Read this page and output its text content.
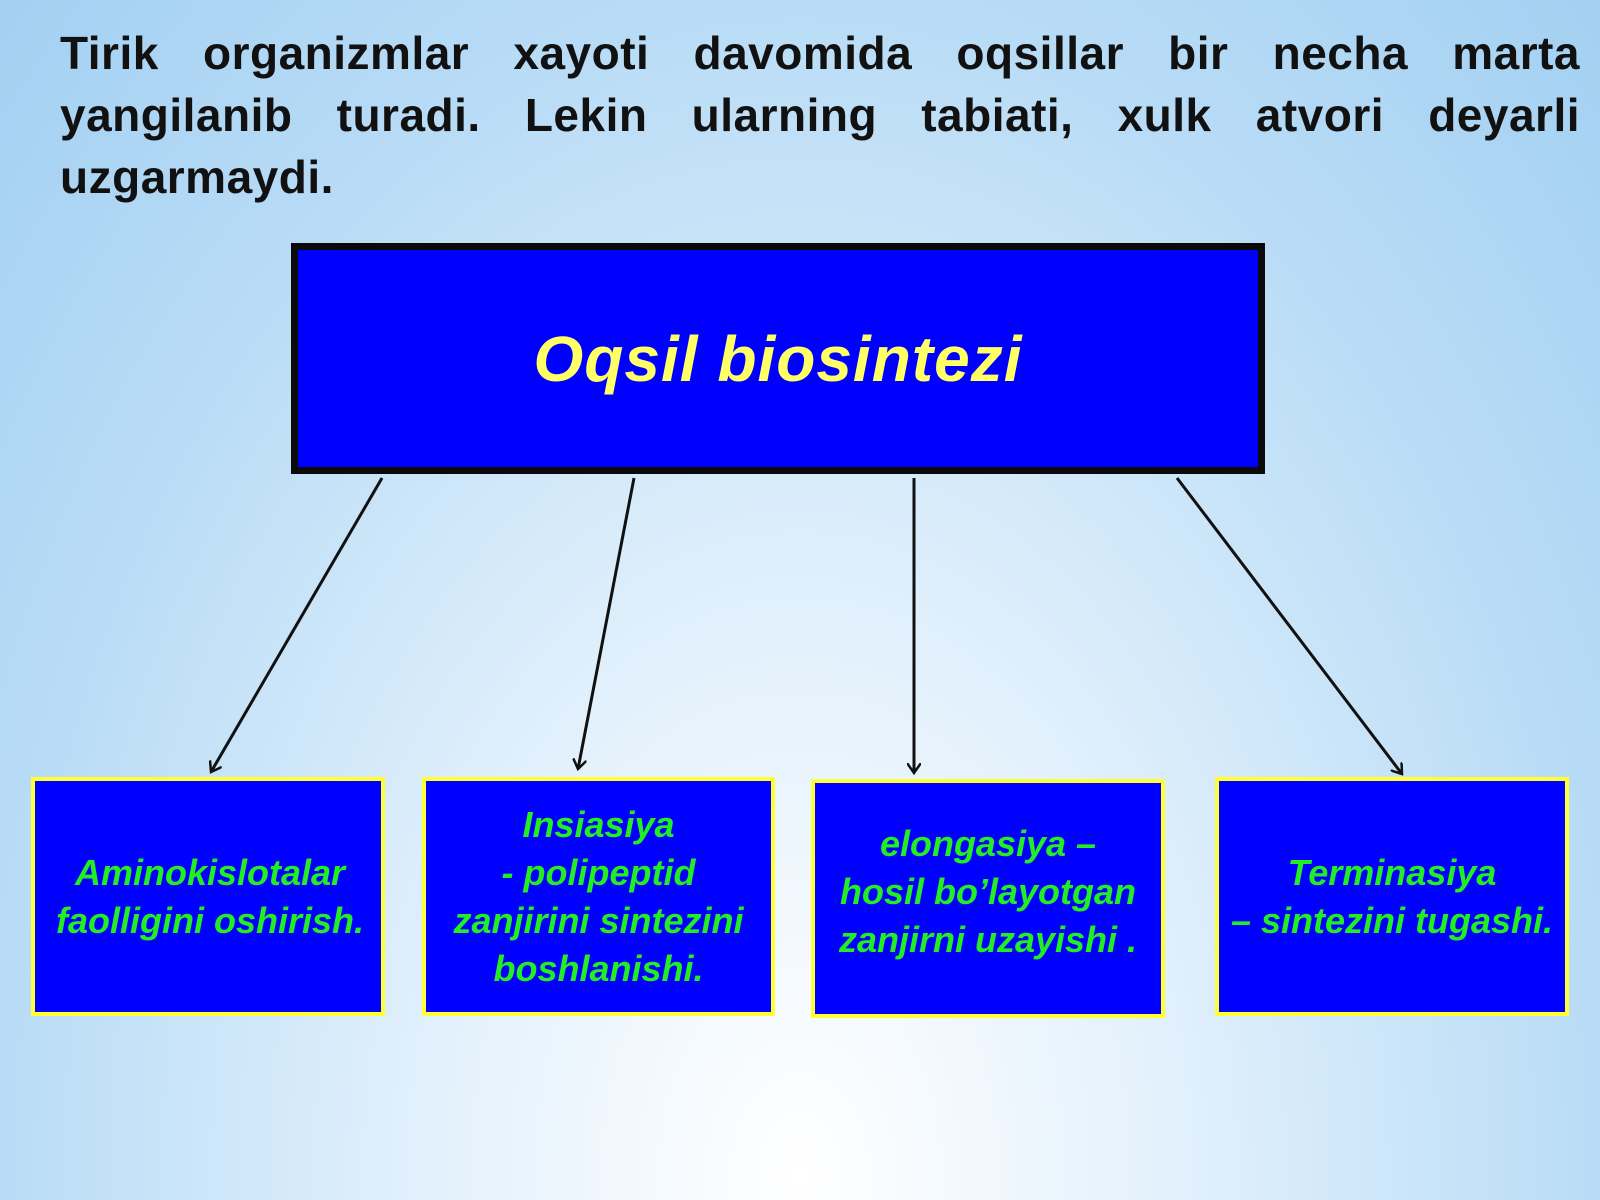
Tirik organizmlar xayoti davomida oqsillar bir necha marta yangilanib turadi. Lekin ularning tabiati, xulk atvori deyarli uzgarmaydi.

Oqsil biosintezi
Aminokislotalar
faolligini oshirish.
Insiasiya
- polipeptid
zanjirini sintezini
boshlanishi.
elongasiya –
hosil bo’layotgan
zanjirni uzayishi .
Terminasiya
– sintezini tugashi.
